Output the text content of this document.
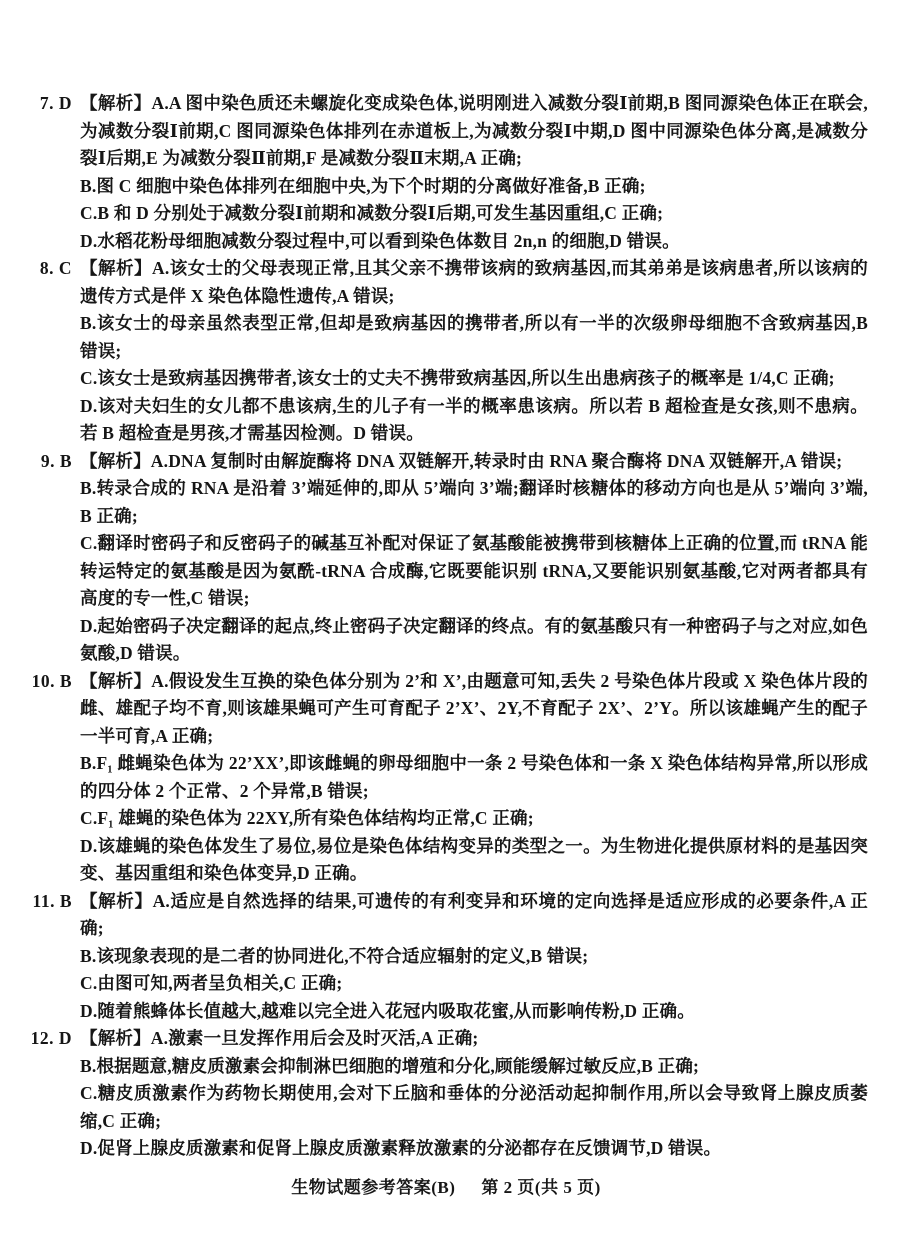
7. D 【解析】A.A 图中染色质还未螺旋化变成染色体,说明刚进入减数分裂Ⅰ前期,B 图同源染色体正在联会,为减数分裂Ⅰ前期,C 图同源染色体排列在赤道板上,为减数分裂Ⅰ中期,D 图中同源染色体分离,是减数分裂Ⅰ后期,E 为减数分裂Ⅱ前期,F 是减数分裂Ⅱ末期,A 正确;
B.图 C 细胞中染色体排列在细胞中央,为下个时期的分离做好准备,B 正确;
C.B 和 D 分别处于减数分裂Ⅰ前期和减数分裂Ⅰ后期,可发生基因重组,C 正确;
D.水稻花粉母细胞减数分裂过程中,可以看到染色体数目 2n,n 的细胞,D 错误。
8. C 【解析】A.该女士的父母表现正常,且其父亲不携带该病的致病基因,而其弟弟是该病患者,所以该病的遗传方式是伴 X 染色体隐性遗传,A 错误;
B.该女士的母亲虽然表型正常,但却是致病基因的携带者,所以有一半的次级卵母细胞不含致病基因,B 错误;
C.该女士是致病基因携带者,该女士的丈夫不携带致病基因,所以生出患病孩子的概率是 1/4,C 正确;
D.该对夫妇生的女儿都不患该病,生的儿子有一半的概率患该病。所以若 B 超检查是女孩,则不患病。若 B 超检查是男孩,才需基因检测。D 错误。
9. B 【解析】A.DNA 复制时由解旋酶将 DNA 双链解开,转录时由 RNA 聚合酶将 DNA 双链解开,A 错误;
B.转录合成的 RNA 是沿着 3’端延伸的,即从 5’端向 3’端;翻译时核糖体的移动方向也是从 5’端向 3’端,B 正确;
C.翻译时密码子和反密码子的碱基互补配对保证了氨基酸能被携带到核糖体上正确的位置,而 tRNA 能转运特定的氨基酸是因为氨酰-tRNA 合成酶,它既要能识别 tRNA,又要能识别氨基酸,它对两者都具有高度的专一性,C 错误;
D.起始密码子决定翻译的起点,终止密码子决定翻译的终点。有的氨基酸只有一种密码子与之对应,如色氨酸,D 错误。
10. B 【解析】A.假设发生互换的染色体分别为 2’和 X’,由题意可知,丢失 2 号染色体片段或 X 染色体片段的雌、雄配子均不育,则该雄果蝇可产生可育配子 2’X’、2Y,不育配子 2X’、2’Y。所以该雄蝇产生的配子一半可育,A 正确;
B.F₁ 雌蝇染色体为 22’XX’,即该雌蝇的卵母细胞中一条 2 号染色体和一条 X 染色体结构异常,所以形成的四分体 2 个正常、2 个异常,B 错误;
C.F₁ 雄蝇的染色体为 22XY,所有染色体结构均正常,C 正确;
D.该雄蝇的染色体发生了易位,易位是染色体结构变异的类型之一。为生物进化提供原材料的是基因突变、基因重组和染色体变异,D 正确。
11. B 【解析】A.适应是自然选择的结果,可遗传的有利变异和环境的定向选择是适应形成的必要条件,A 正确;
B.该现象表现的是二者的协同进化,不符合适应辐射的定义,B 错误;
C.由图可知,两者呈负相关,C 正确;
D.随着熊蜂体长值越大,越难以完全进入花冠内吸取花蜜,从而影响传粉,D 正确。
12. D 【解析】A.激素一旦发挥作用后会及时灭活,A 正确;
B.根据题意,糖皮质激素会抑制淋巴细胞的增殖和分化,顾能缓解过敏反应,B 正确;
C.糖皮质激素作为药物长期使用,会对下丘脑和垂体的分泌活动起抑制作用,所以会导致肾上腺皮质萎缩,C 正确;
D.促肾上腺皮质激素和促肾上腺皮质激素释放激素的分泌都存在反馈调节,D 错误。
生物试题参考答案(B) 第 2 页(共 5 页)
